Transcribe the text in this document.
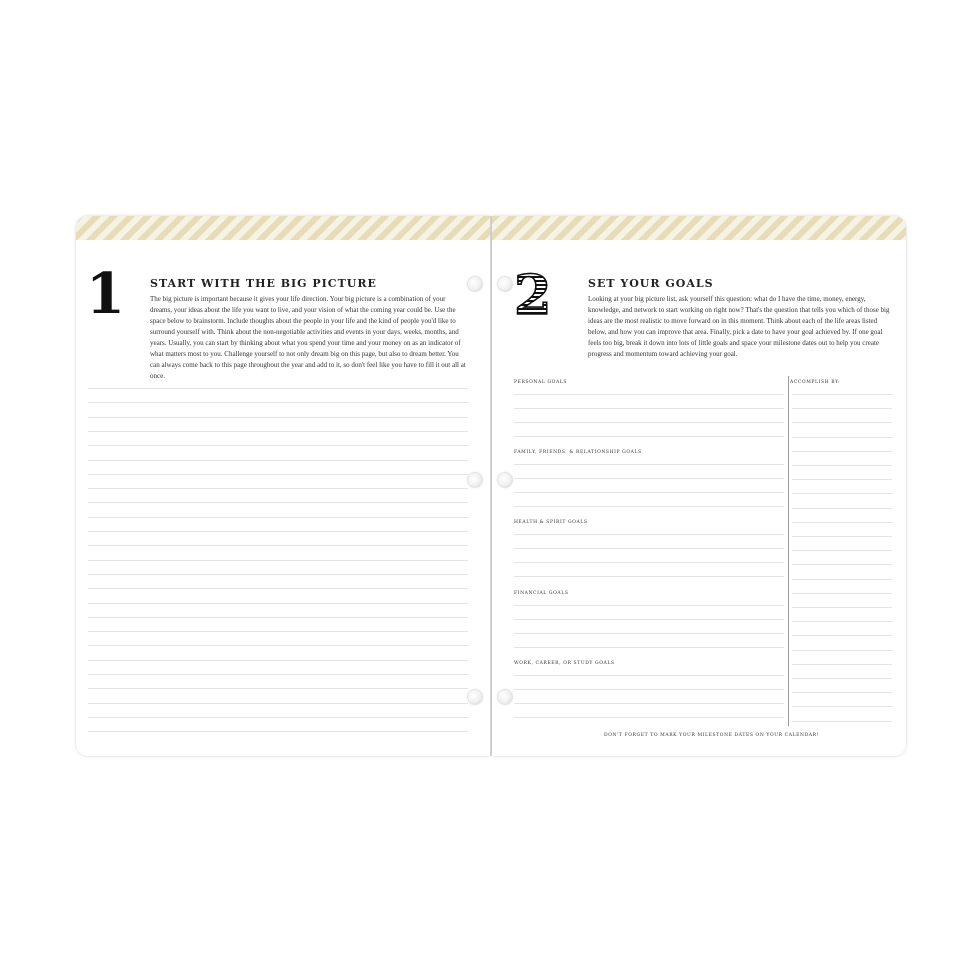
1 START WITH THE BIG PICTURE
The big picture is important because it gives your life direction. Your big picture is a combination of your dreams, your ideas about the life you want to live, and your vision of what the coming year could be. Use the space below to brainstorm. Include thoughts about the people in your life and the kind of people you'd like to surround yourself with. Think about the non-negotiable activities and events in your days, weeks, months, and years. Usually, you can start by thinking about what you spend your time and your money on as an indicator of what matters most to you. Challenge yourself to not only dream big on this page, but also to dream better. You can always come back to this page throughout the year and add to it, so don't feel like you have to fill it out all at once.
2	SET YOUR GOALS
Looking at your big picture list, ask yourself this question: what do I have the time, money, energy, knowledge, and network to start working on right now? That's the question that tells you which of those big ideas are the most realistic to move forward on in this moment. Think about each of the life areas listed below, and how you can improve that area. Finally, pick a date to have your goal achieved by. If one goal feels too big, break it down into lots of little goals and space your milestone dates out to help you create progress and momentum toward achieving your goal.
PERSONAL GOALS
FAMILY, FRIENDS, & RELATIONSHIP GOALS
HEALTH & SPIRIT GOALS
FINANCIAL GOALS
WORK, CAREER, OR STUDY GOALS
ACCOMPLISH BY:
DON'T FORGET TO MARK YOUR MILESTONE DATES ON YOUR CALENDAR!
